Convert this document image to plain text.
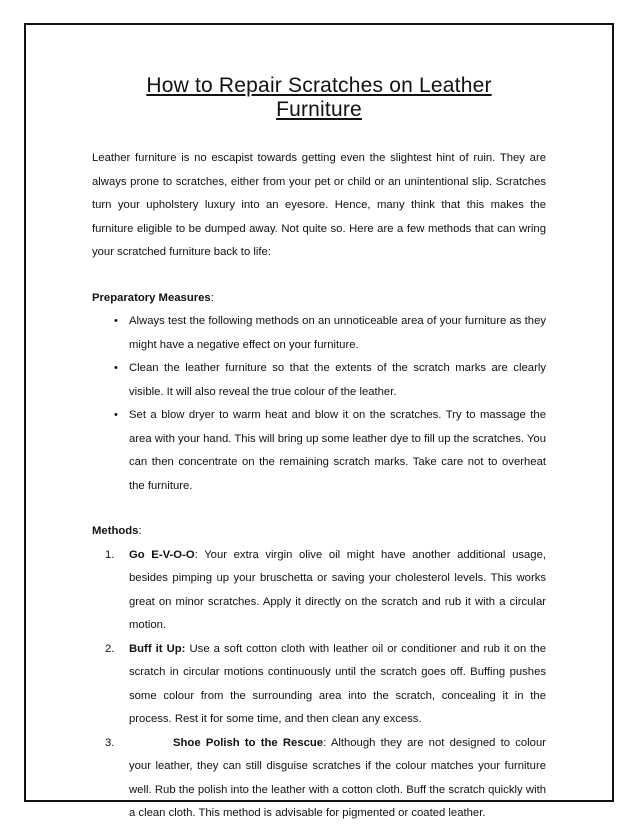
How to Repair Scratches on Leather
Furniture

Leather furniture is no escapist towards getting even the slightest hint of ruin. They are always prone to scratches, either from your pet or child or an unintentional slip. Scratches turn your upholstery luxury into an eyesore. Hence, many think that this makes the furniture eligible to be dumped away. Not quite so. Here are a few methods that can wring your scratched furniture back to life:

Preparatory Measures:
• Always test the following methods on an unnoticeable area of your furniture as they might have a negative effect on your furniture.
• Clean the leather furniture so that the extents of the scratch marks are clearly visible. It will also reveal the true colour of the leather.
• Set a blow dryer to warm heat and blow it on the scratches. Try to massage the area with your hand. This will bring up some leather dye to fill up the scratches. You can then concentrate on the remaining scratch marks. Take care not to overheat the furniture.
Methods:
1. Go E-V-O-O: Your extra virgin olive oil might have another additional usage, besides pimping up your bruschetta or saving your cholesterol levels. This works great on minor scratches. Apply it directly on the scratch and rub it with a circular motion.
2. Buff it Up: Use a soft cotton cloth with leather oil or conditioner and rub it on the scratch in circular motions continuously until the scratch goes off. Buffing pushes some colour from the surrounding area into the scratch, concealing it in the process. Rest it for some time, and then clean any excess.
3.	Shoe Polish to the Rescue: Although they are not designed to colour your leather, they can still disguise scratches if the colour matches your furniture well. Rub the polish into the leather with a cotton cloth. Buff the scratch quickly with a clean cloth. This method is advisable for pigmented or coated leather.
